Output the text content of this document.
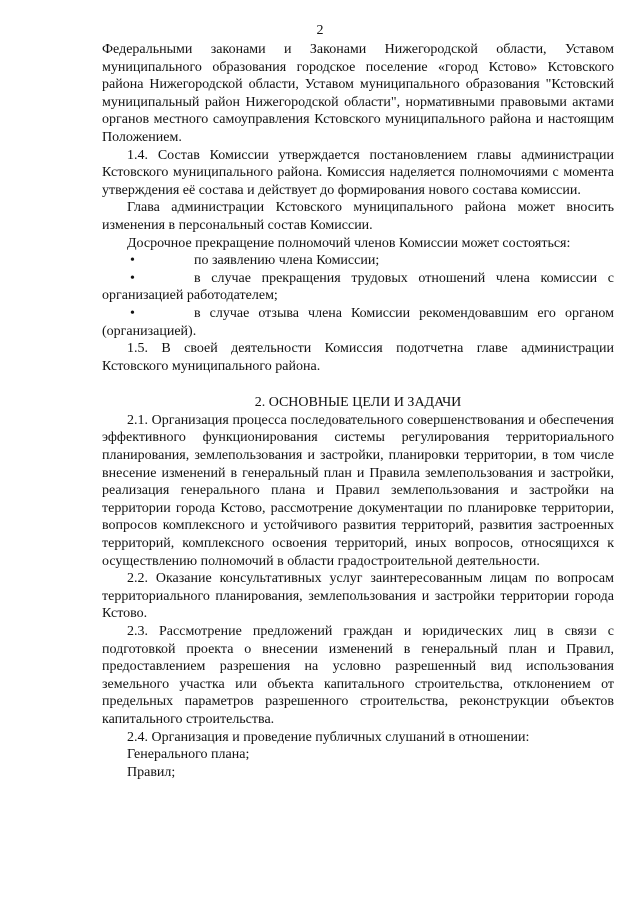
2

Федеральными законами и Законами Нижегородской области, Уставом муниципального образования городское поселение «город Кстово» Кстовского района Нижегородской области, Уставом муниципального образования "Кстовский муниципальный район Нижегородской области", нормативными правовыми актами органов местного самоуправления Кстовского муниципального района и настоящим Положением.

1.4. Состав Комиссии утверждается постановлением главы администрации Кстовского муниципального района. Комиссия наделяется полномочиями с момента утверждения её состава и действует до формирования нового состава комиссии.

Глава администрации Кстовского муниципального района может вносить изменения в персональный состав Комиссии.

Досрочное прекращение полномочий членов Комиссии может состояться:

•	по заявлению члена Комиссии;
•	в случае прекращения трудовых отношений члена комиссии с организацией работодателем;

•	в случае отзыва члена Комиссии рекомендовавшим его органом (организацией).

1.5. В своей деятельности Комиссия подотчетна главе администрации Кстовского муниципального района.

2. ОСНОВНЫЕ ЦЕЛИ И ЗАДАЧИ

2.1. Организация процесса последовательного совершенствования и обеспечения эффективного функционирования системы регулирования территориального планирования, землепользования и застройки, планировки территории, в том числе внесение изменений в генеральный план и Правила землепользования и застройки, реализация генерального плана и Правил землепользования и застройки на территории города Кстово, рассмотрение документации по планировке территории, вопросов комплексного и устойчивого развития территорий, развития застроенных территорий, комплексного освоения территорий, иных вопросов, относящихся к осуществлению полномочий в области градостроительной деятельности.

2.2. Оказание консультативных услуг заинтересованным лицам по вопросам территориального планирования, землепользования и застройки территории города Кстово.

2.3. Рассмотрение предложений граждан и юридических лиц в связи с подготовкой проекта о внесении изменений в генеральный план и Правил, предоставлением разрешения на условно разрешенный вид использования земельного участка или объекта капитального строительства, отклонением от предельных параметров разрешенного строительства, реконструкции объектов капитального строительства.

2.4. Организация и проведение публичных слушаний в отношении:

Генерального плана;

Правил;
